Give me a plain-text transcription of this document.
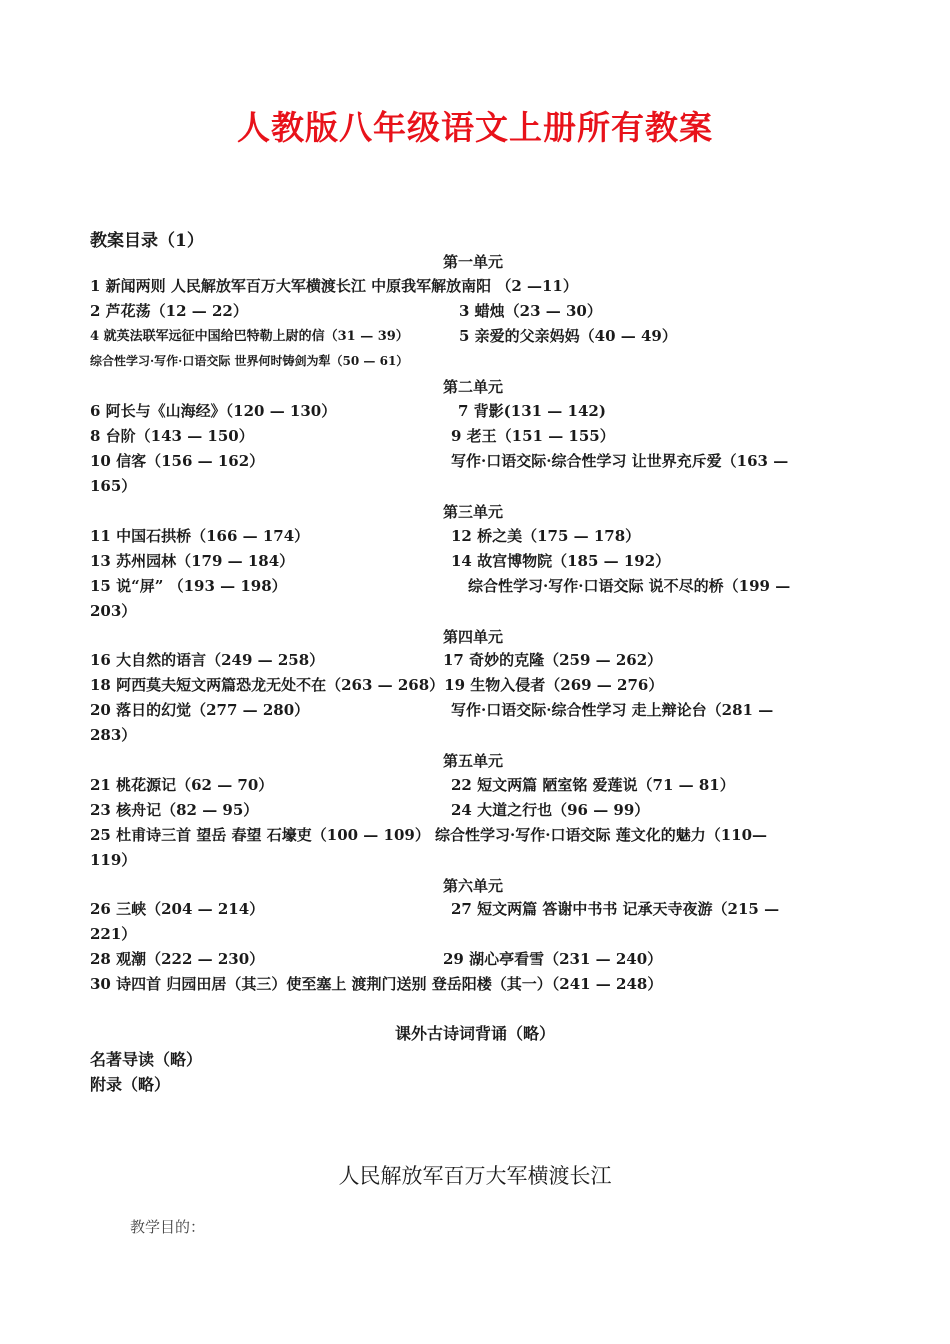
人教版八年级语文上册所有教案
教案目录（1）
第一单元
1 新闻两则 人民解放军百万大军横渡长江 中原我军解放南阳 （2 —11）
2 芦花荡（12 — 22）	3 蜡烛（23 — 30）
4 就英法联军远征中国给巴特勒上尉的信（31 — 39）	5 亲爱的父亲妈妈（40 — 49）
综合性学习·写作·口语交际 世界何时铸剑为犁（50 — 61）
第二单元
6 阿长与《山海经》（120 — 130）	7 背影(131 — 142)
8 台阶（143 — 150）	9 老王（151 — 155）
10 信客（156 — 162）	写作·口语交际·综合性学习 让世界充斥爱（163 —
165）
第三单元
11 中国石拱桥（166 — 174）	12 桥之美（175 — 178）
13 苏州园林（179 — 184）	14 故宫博物院（185 — 192）
15 说“屏” （193 — 198）	综合性学习·写作·口语交际 说不尽的桥（199 —
203）
第四单元
16 大自然的语言（249 — 258）	17 奇妙的克隆（259 — 262）
18 阿西莫夫短文两篇恐龙无处不在（263 — 268）19 生物入侵者（269 — 276）
20 落日的幻觉（277 — 280）	写作·口语交际·综合性学习 走上辩论台（281 —
283）
第五单元
21 桃花源记（62 — 70）	22 短文两篇 陋室铭 爱莲说（71 — 81）
23 核舟记（82 — 95）	24 大道之行也（96 — 99）
25 杜甫诗三首 望岳 春望 石壕吏（100 — 109） 综合性学习·写作·口语交际 莲文化的魅力（110—
119）
第六单元
26 三峡（204 — 214）	27 短文两篇 答谢中书书 记承天寺夜游（215 —
221）
28 观潮（222 — 230）	29 湖心亭看雪（231 — 240）
30 诗四首 归园田居（其三）使至塞上 渡荆门送别 登岳阳楼（其一）（241 — 248）
课外古诗词背诵（略）
名著导读（略）
附录（略）
人民解放军百万大军横渡长江
教学目的：
